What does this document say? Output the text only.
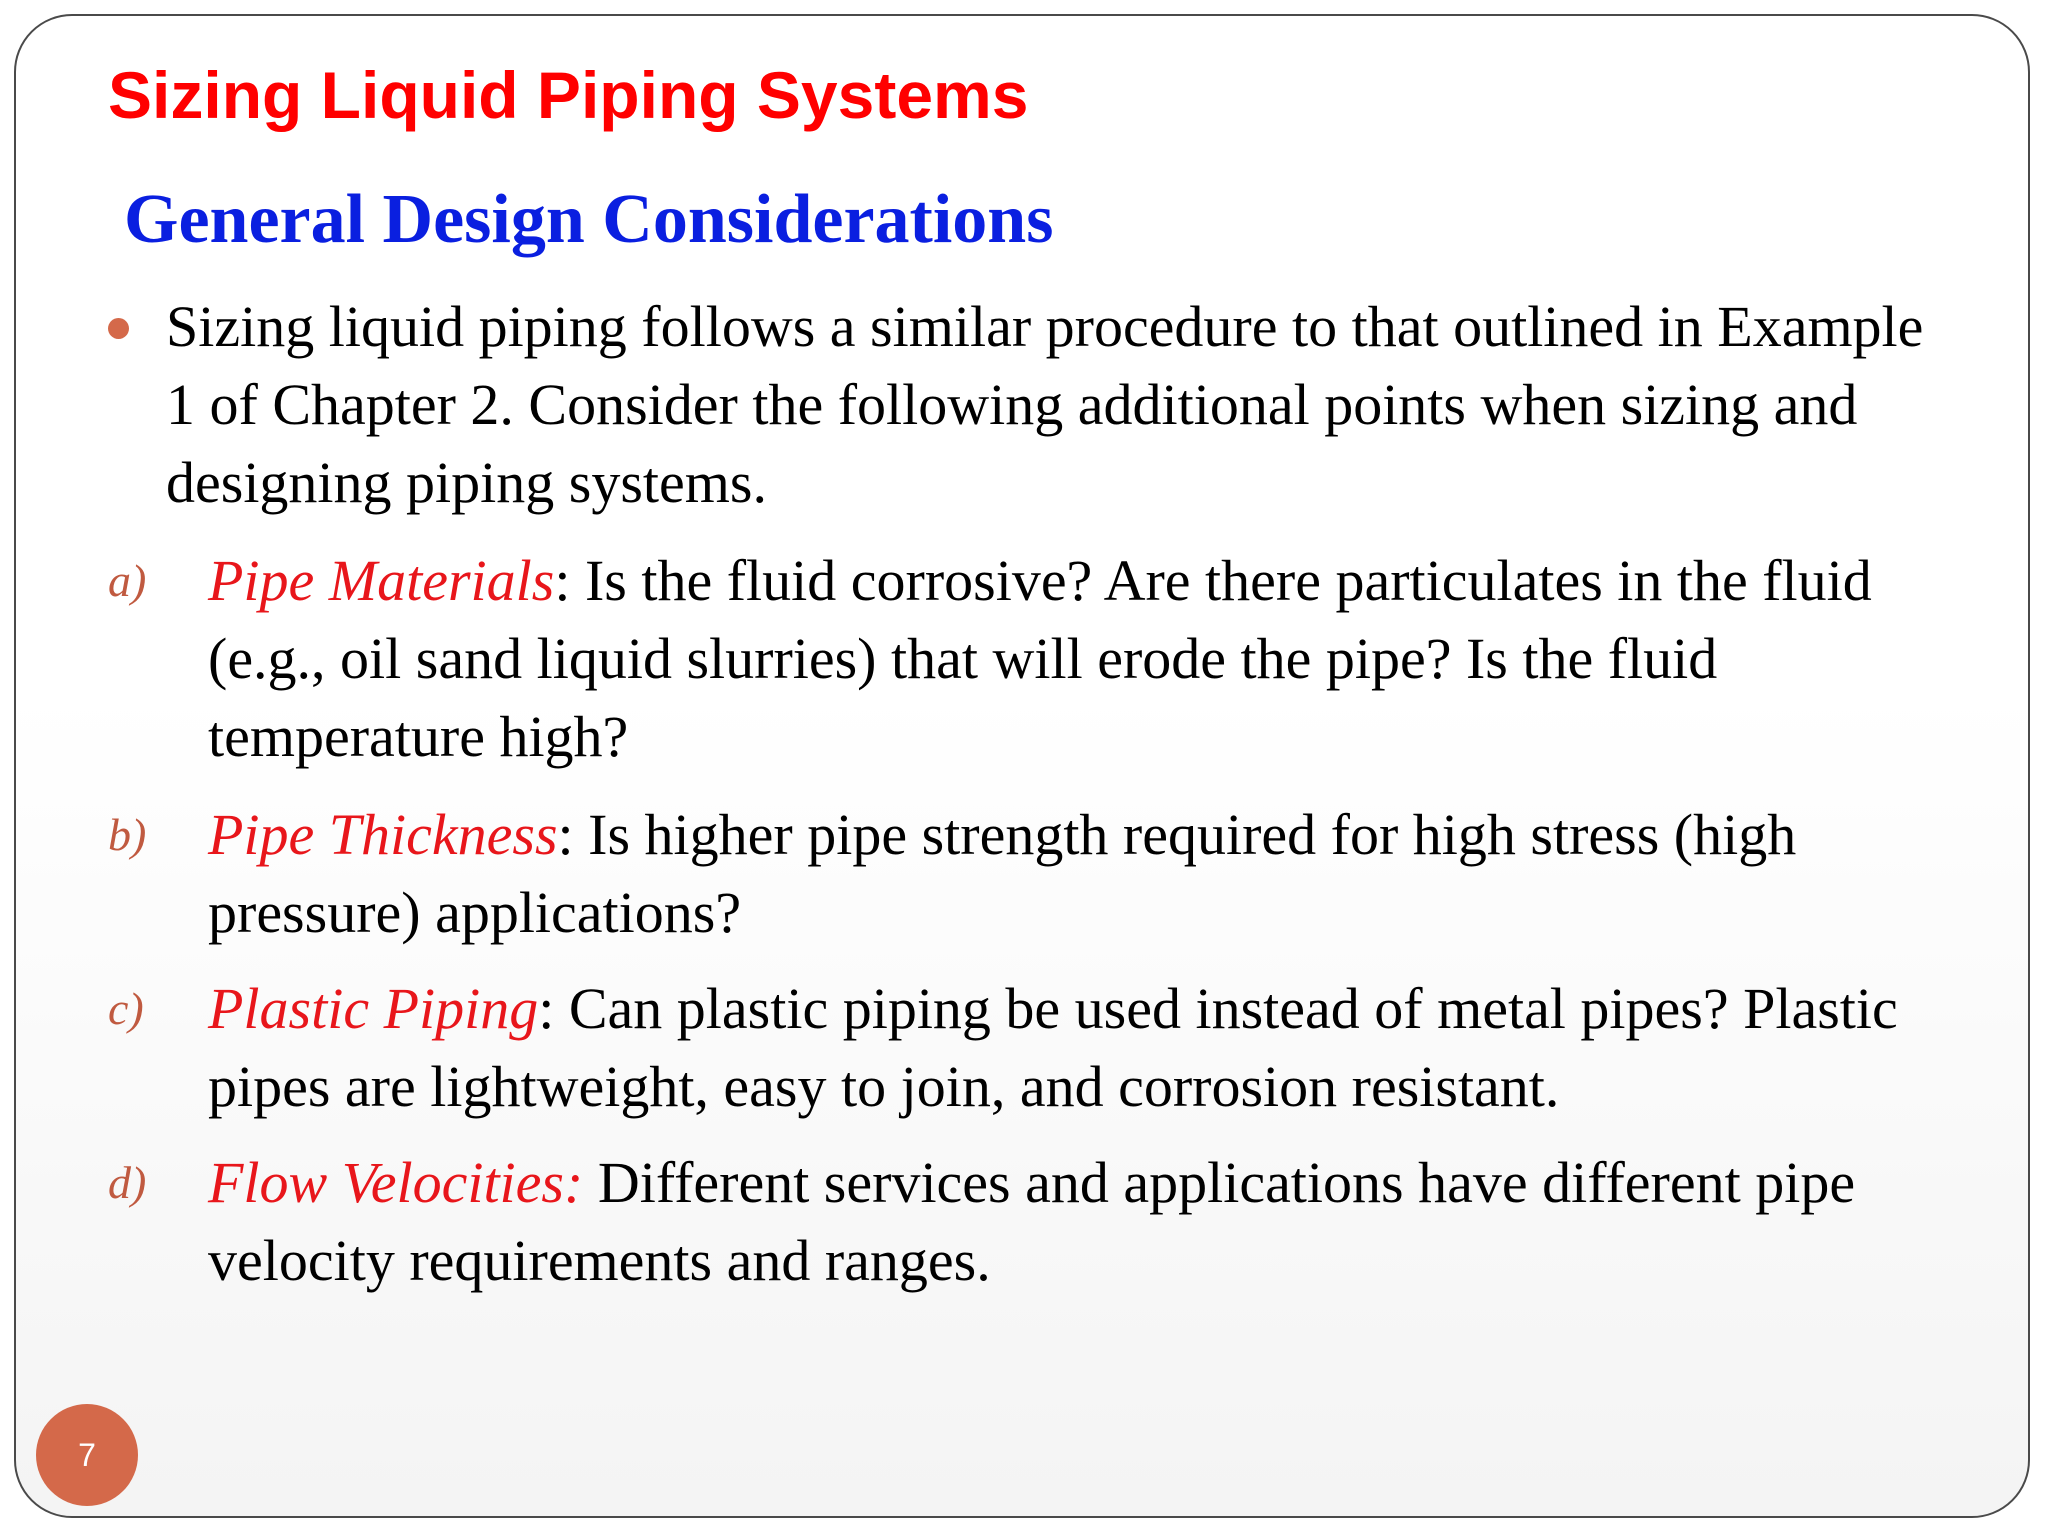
Sizing Liquid Piping Systems
General Design Considerations

Sizing liquid piping follows a similar procedure to that outlined in Example 1 of Chapter 2. Consider the following additional points when sizing and designing piping systems.

a) Pipe Materials: Is the fluid corrosive? Are there particulates in the fluid (e.g., oil sand liquid slurries) that will erode the pipe? Is the fluid temperature high?
b) Pipe Thickness: Is higher pipe strength required for high stress (high pressure) applications?
c) Plastic Piping: Can plastic piping be used instead of metal pipes? Plastic pipes are lightweight, easy to join, and corrosion resistant.
d) Flow Velocities: Different services and applications have different pipe velocity requirements and ranges.
7
